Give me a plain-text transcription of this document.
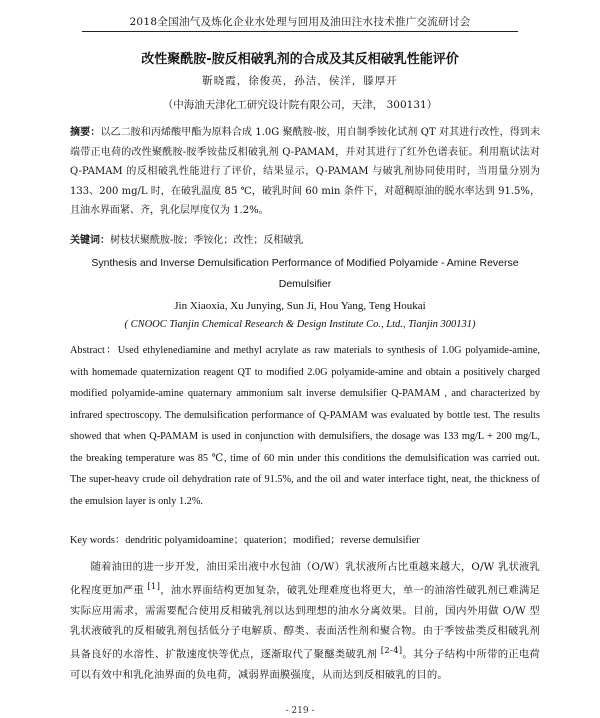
2018全国油气及炼化企业水处理与回用及油田注水技术推广交流研讨会
改性聚酰胺-胺反相破乳剂的合成及其反相破乳性能评价
靳晓霞，徐俊英，孙洁，侯洋，滕厚开
（中海油天津化工研究设计院有限公司，天津， 300131）
摘要：以乙二胺和丙烯酸甲酯为原料合成 1.0G 聚酰胺-胺，用自制季铵化试剂 QT 对其进行改性，得到末端带正电荷的改性聚酰胺-胺季铵盐反相破乳剂 Q-PAMAM，并对其进行了红外色谱表征。利用瓶试法对 Q-PAMAM 的反相破乳性能进行了评价，结果显示，Q-PAMAM 与破乳剂协同使用时，当用量分别为 133、200 mg/L 时，在破乳温度 85 ℃，破乳时间 60 min 条件下，对超稠原油的脱水率达到 91.5%，且油水界面紧、齐，乳化层厚度仅为 1.2%。
关键词：树枝状聚酰胺-胺；季铵化；改性；反相破乳
Synthesis and Inverse Demulsification Performance of Modified Polyamide - Amine Reverse Demulsifier
Jin Xiaoxia, Xu Junying, Sun Ji, Hou Yang, Teng Houkai
( CNOOC Tianjin Chemical Research & Design Institute Co., Ltd., Tianjin 300131)
Abstract：Used ethylenediamine and methyl acrylate as raw materials to synthesis of 1.0G polyamide-amine, with homemade quaternization reagent QT to modified 2.0G polyamide-amine and obtain a positively charged modified polyamide-amine quaternary ammonium salt inverse demulsifier Q-PAMAM , and characterized by infrared spectroscopy. The demulsification performance of Q-PAMAM was evaluated by bottle test. The results showed that when Q-PAMAM is used in conjunction with demulsifiers, the dosage was 133 mg/L + 200 mg/L, the breaking temperature was 85 ℃, time of 60 min under this conditions the demulsification was carried out. The super-heavy crude oil dehydration rate of 91.5%, and the oil and water interface tight, neat, the thickness of the emulsion layer is only 1.2%.
Key words：dendritic polyamidoamine；quaterion；modified；reverse demulsifier
随着油田的进一步开发，油田采出液中水包油（O/W）乳状液所占比重越来越大，O/W 乳状液乳化程度更加严重 [1]，油水界面结构更加复杂，破乳处理难度也将更大，单一的油溶性破乳剂已难满足实际应用需求，需需要配合使用反相破乳剂以达到理想的油水分离效果。目前，国内外用做 O/W 型乳状液破乳的反相破乳剂包括低分子电解质、醇类、表面活性剂和聚合物。由于季铵盐类反相破乳剂具备良好的水溶性、扩散速度快等优点，逐渐取代了聚醚类破乳剂 [2-4]。其分子结构中所带的正电荷可以有效中和乳化油界面的负电荷，减弱界面膜强度，从而达到反相破乳的目的。
- 219 -
